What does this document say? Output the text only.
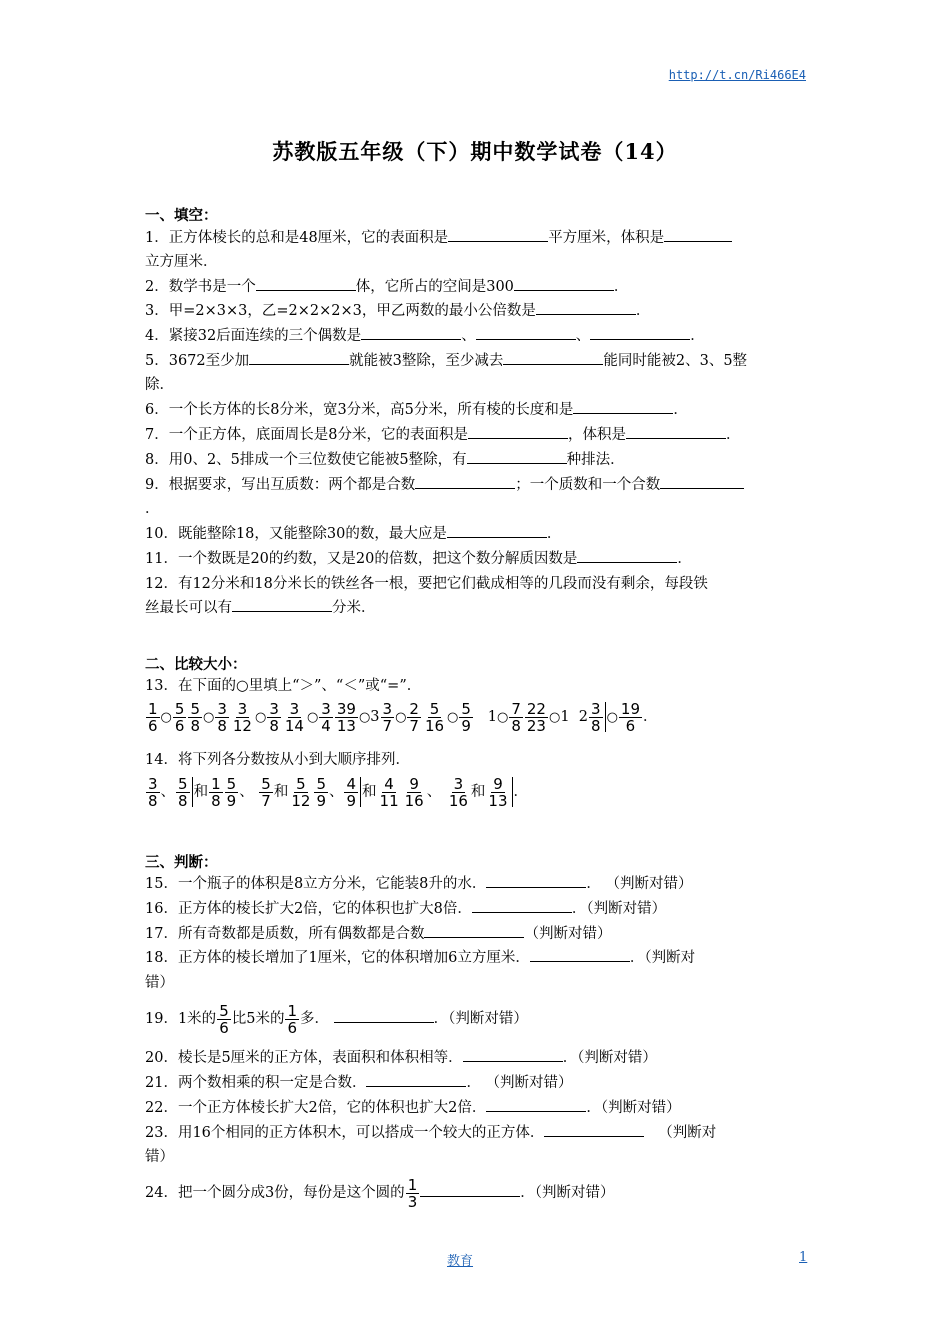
http://t.cn/Ri466E4
苏教版五年级（下）期中数学试卷（14）
一、填空：
1．正方体棱长的总和是48厘米，它的表面积是	平方厘米，体积是
立方厘米．
2．数学书是一个	体，它所占的空间是300	．
3．甲=2×3×3，乙=2×2×2×3，甲乙两数的最小公倍数是	．
4．紧接32后面连续的三个偶数是	、	、	．
5．3672至少加	就能被3整除，至少减去	能同时能被2、3、5整
除．
6．一个长方体的长8分米，宽3分米，高5分米，所有棱的长度和是	．
7．一个正方体，底面周长是8分米，它的表面积是	，体积是	．
8．用0、2、5排成一个三位数使它能被5整除，有	种排法．
9．根据要求，写出互质数：两个都是合数	；一个质数和一个合数
．
10．既能整除18，又能整除30的数，最大应是	．
11．一个数既是20的约数，又是20的倍数，把这个数分解质因数是	．
12．有12分米和18分米长的铁丝各一根，要把它们截成相等的几段而没有剩余，每段铁
丝最长可以有	分米．
二、比较大小：
13．在下面的○里填上“＞”、“＜”或“=”．
$\frac{1}{6}$ ○ $\frac{5}{6} \frac{5}{8}$ ○ $\frac{3}{8} \frac{3}{12}$ ○ $\frac{3}{8} \frac{3}{14}$ ○ $\frac{3}{4} \frac{39}{13}$ ○3 $\frac{3}{7}$ ○ $\frac{2}{7} \frac{5}{16}$ ○ $\frac{5}{9}$ 1○ $\frac{7}{8} \frac{22}{23}$ ○1 $2 \frac{3}{8}$ ○ $\frac{19}{6}$ ．
14．将下列各分数按从小到大顺序排列．
$\frac{3}{8}$ 、 $\frac{5}{8}$ 和 $\frac{1}{8} \frac{5}{9}$ 、 $\frac{5}{7}$ 和 $\frac{5}{12} \frac{5}{9}$ 、 $\frac{4}{9}$ 和 $\frac{4}{11} \frac{9}{16}$ 、 $\frac{3}{16}$ 和 $\frac{9}{13}$ ．
三、判断：
15．一个瓶子的体积是8立方分米，它能装8升的水．	． （判断对错）
16．正方体的棱长扩大2倍，它的体积也扩大8倍．	．（判断对错）
17．所有奇数都是质数，所有偶数都是合数	（判断对错）
18．正方体的棱长增加了1厘米，它的体积增加6立方厘米．	．（判断对
错）
19．1米的 $\frac{5}{6}$ 比5米的 $\frac{1}{6}$ 多．	．（判断对错）
20．棱长是5厘米的正方体，表面积和体积相等．	．（判断对错）
21．两个数相乘的积一定是合数．	． （判断对错）
22．一个正方体棱长扩大2倍，它的体积也扩大2倍．	．（判断对错）
23．用16个相同的正方体积木，可以搭成一个较大的正方体．	（判断对
错）
24．把一个圆分成3份，每份是这个圆的 $\frac{1}{3}$	．（判断对错）
教育	1
